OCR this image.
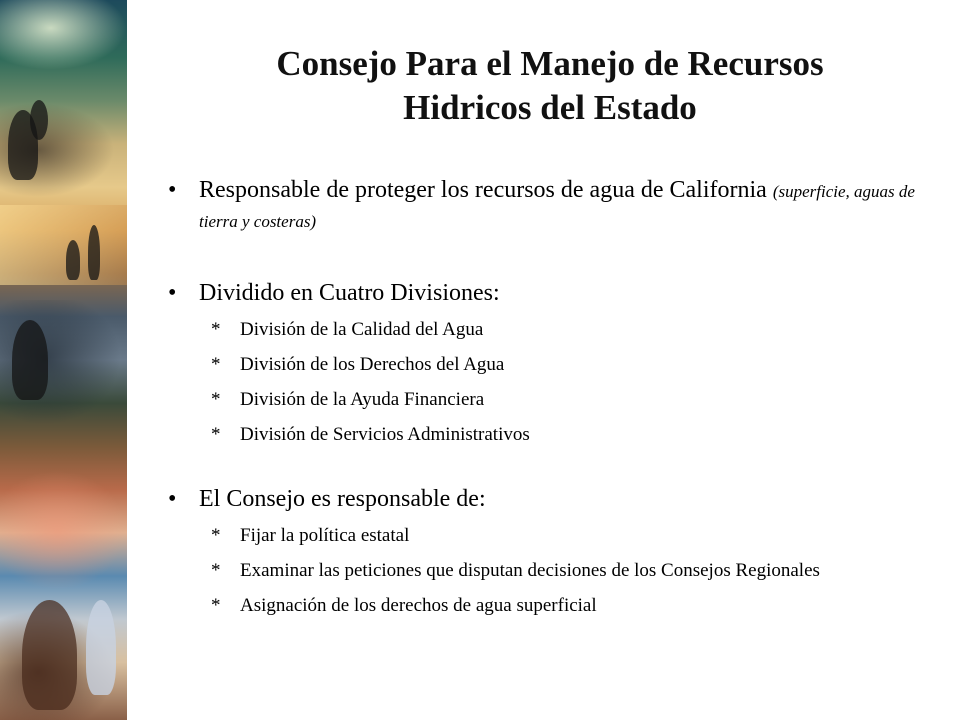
Consejo Para el Manejo de Recursos
Hidricos del Estado
• Responsable de proteger los recursos de agua de California (superficie, aguas de tierra y costeras)
• Dividido en Cuatro Divisiones:
* División de la Calidad del Agua
* División de los Derechos del Agua
* División de la Ayuda Financiera
* División de Servicios Administrativos
• El Consejo es responsable de:
* Fijar la política estatal
* Examinar las peticiones que disputan decisiones de los Consejos Regionales
* Asignación de los derechos de agua superficial
